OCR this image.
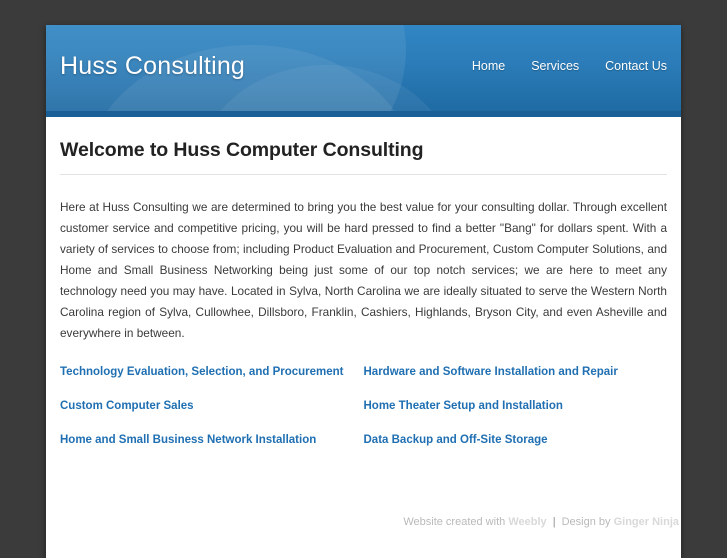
Huss Consulting	Home Services Contact Us
Welcome to Huss Computer Consulting

Here at Huss Consulting we are determined to bring you the best value for your consulting dollar. Through excellent customer service and competitive pricing, you will be hard pressed to find a better "Bang" for dollars spent. With a variety of services to choose from; including Product Evaluation and Procurement, Custom Computer Solutions, and Home and Small Business Networking being just some of our top notch services; we are here to meet any technology need you may have. Located in Sylva, North Carolina we are ideally situated to serve the Western North Carolina region of Sylva, Cullowhee, Dillsboro, Franklin, Cashiers, Highlands, Bryson City, and even Asheville and everywhere in between.

Technology Evaluation, Selection, and Procurement	Hardware and Software Installation and Repair
Custom Computer Sales	Home Theater Setup and Installation
Home and Small Business Network Installation	Data Backup and Off-Site Storage
Website created with Weebly | Design by Ginger Ninja
